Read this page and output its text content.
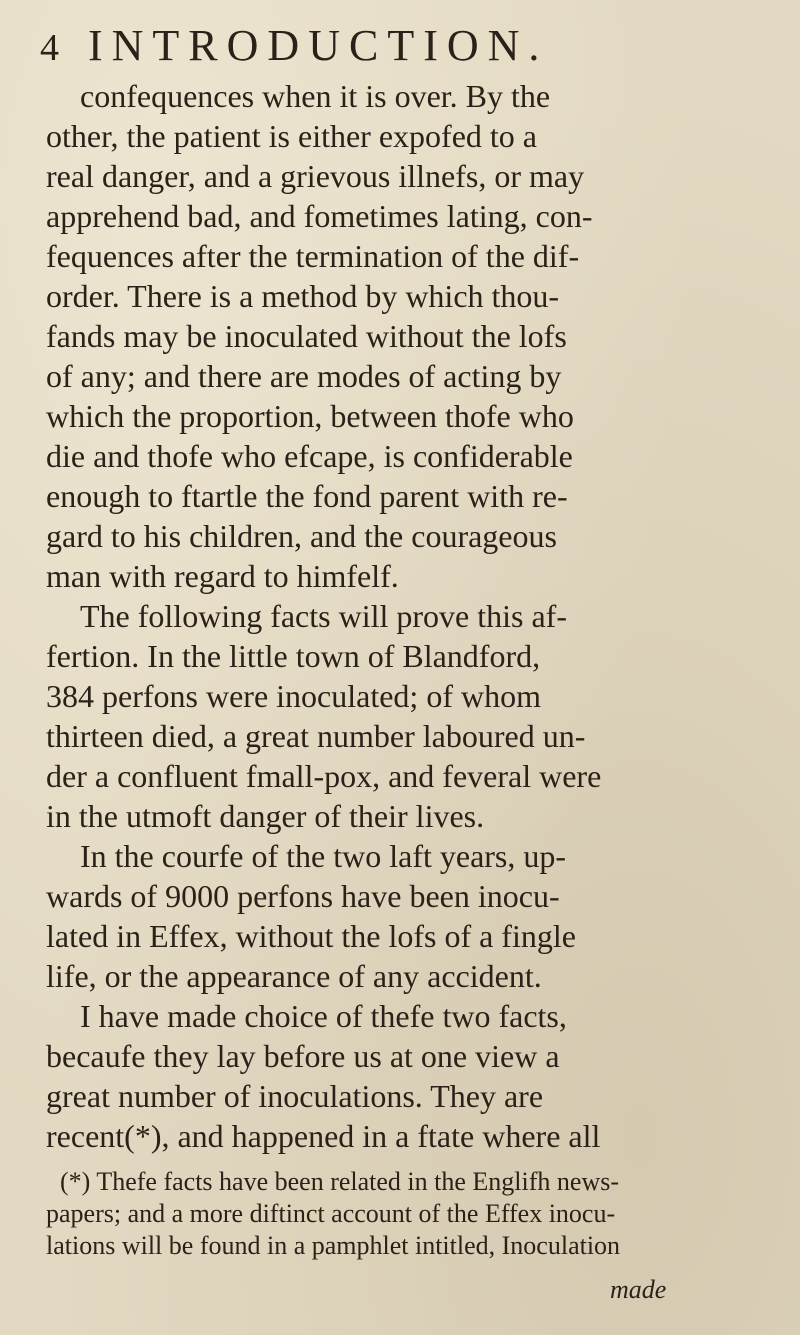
4 INTRODUCTION.
confequences when it is over. By the
other, the patient is either expofed to a
real danger, and a grievous illnefs, or may
apprehend bad, and fometimes lating, con-
fequences after the termination of the dif-
order. There is a method by which thou-
fands may be inoculated without the lofs
of any; and there are modes of acting by
which the proportion, between thofe who
die and thofe who efcape, is confiderable
enough to ftartle the fond parent with re-
gard to his children, and the courageous
man with regard to himfelf.
The following facts will prove this af-
fertion. In the little town of Blandford,
384 perfons were inoculated; of whom
thirteen died, a great number laboured un-
der a confluent fmall-pox, and feveral were
in the utmoft danger of their lives.
In the courfe of the two laft years, up-
wards of 9000 perfons have been inocu-
lated in Effex, without the lofs of a fingle
life, or the appearance of any accident.
I have made choice of thefe two facts,
becaufe they lay before us at one view a
great number of inoculations. They are
recent(*), and happened in a ftate where all
(*) Thefe facts have been related in the Englifh news-
papers; and a more diftinct account of the Effex inocu-
lations will be found in a pamphlet intitled, Inoculation
made
